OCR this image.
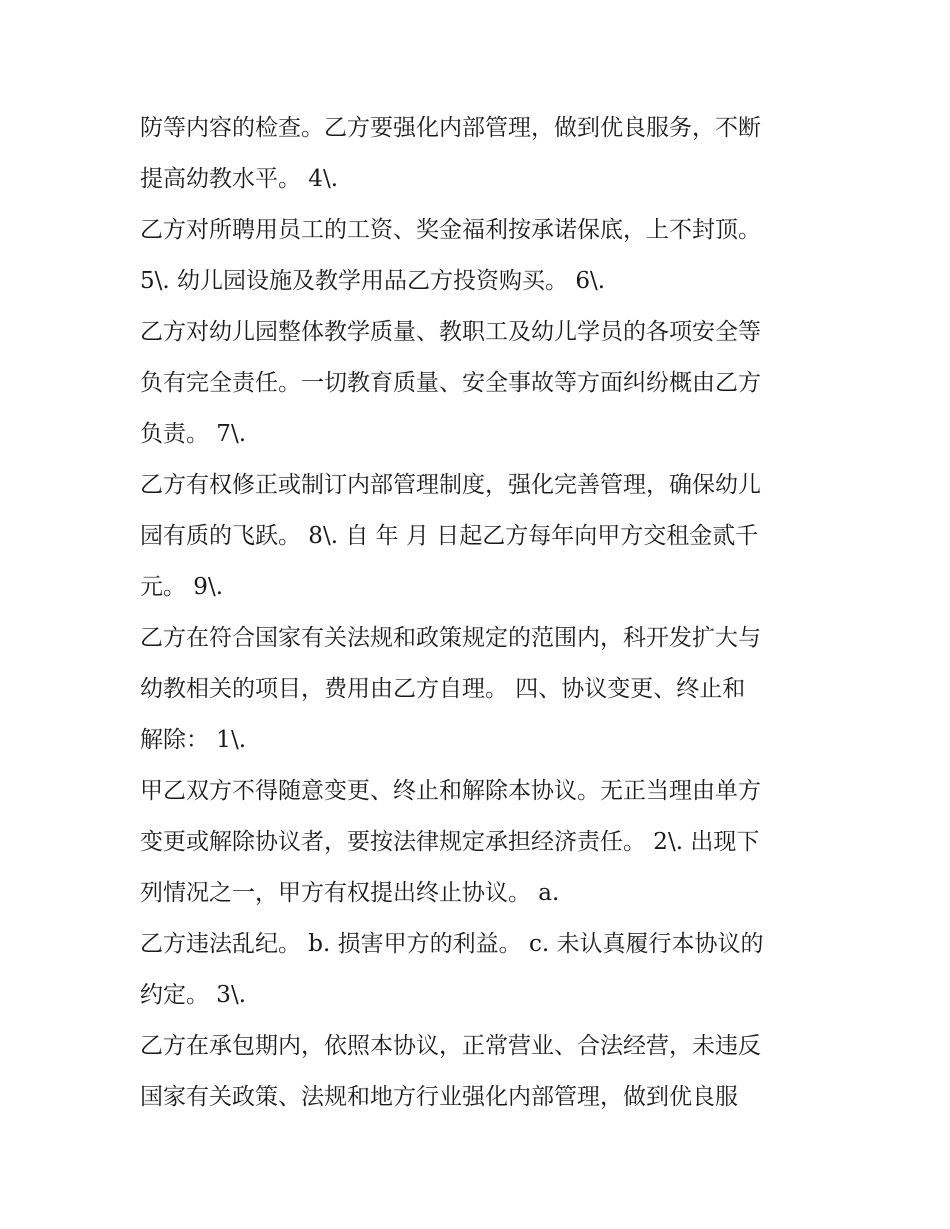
防等内容的检查。乙方要强化内部管理，做到优良服务，不断
提高幼教水平。 4\.
乙方对所聘用员工的工资、奖金福利按承诺保底，上不封顶。
5\. 幼儿园设施及教学用品乙方投资购买。 6\.
乙方对幼儿园整体教学质量、教职工及幼儿学员的各项安全等
负有完全责任。一切教育质量、安全事故等方面纠纷概由乙方
负责。 7\.
乙方有权修正或制订内部管理制度，强化完善管理，确保幼儿
园有质的飞跃。 8\. 自 年 月 日起乙方每年向甲方交租金贰千
元。 9\.
乙方在符合国家有关法规和政策规定的范围内，科开发扩大与
幼教相关的项目，费用由乙方自理。 四、协议变更、终止和
解除： 1\.
甲乙双方不得随意变更、终止和解除本协议。无正当理由单方
变更或解除协议者，要按法律规定承担经济责任。 2\. 出现下
列情况之一，甲方有权提出终止协议。 a.
乙方违法乱纪。 b. 损害甲方的利益。 c. 未认真履行本协议的
约定。 3\.
乙方在承包期内，依照本协议，正常营业、合法经营，未违反
国家有关政策、法规和地方行业强化内部管理，做到优良服
